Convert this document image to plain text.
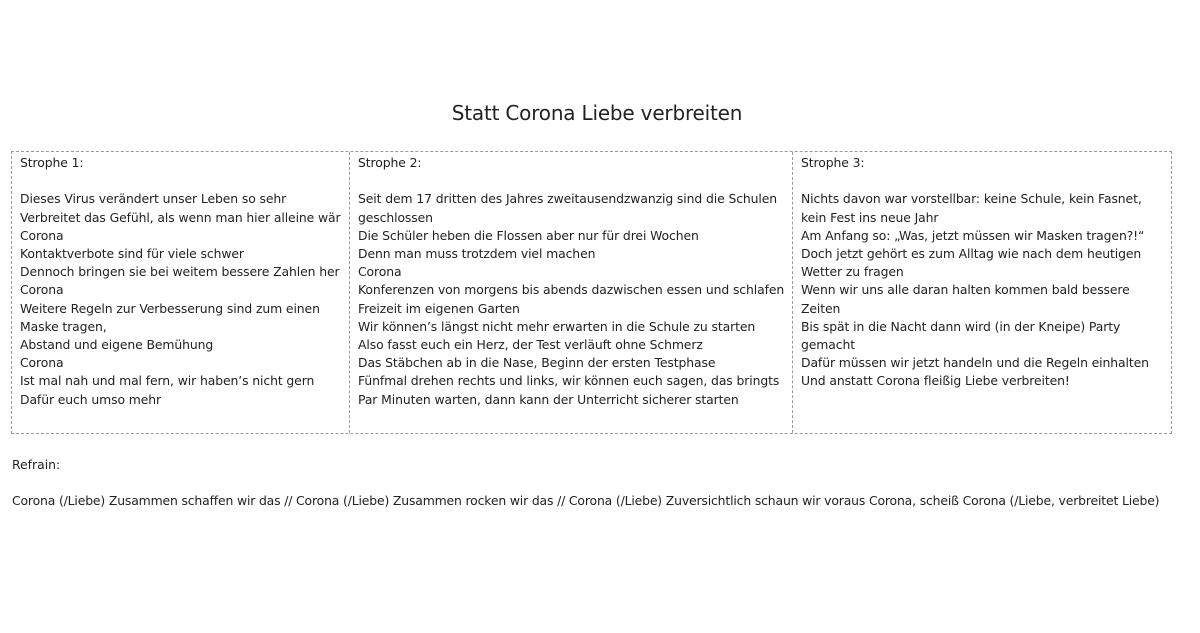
Statt Corona Liebe verbreiten
Strophe 1:
Dieses Virus verändert unser Leben so sehr
Verbreitet das Gefühl, als wenn man hier alleine wär Corona
Kontaktverbote sind für viele schwer
Dennoch bringen sie bei weitem bessere Zahlen her Corona
Weitere Regeln zur Verbesserung sind zum einen Maske tragen,
Abstand und eigene Bemühung
Corona
Ist mal nah und mal fern, wir haben’s nicht gern
Dafür euch umso mehr
Strophe 2:
Seit dem 17 dritten des Jahres zweitausendzwanzig sind die Schulen geschlossen
Die Schüler heben die Flossen aber nur für drei Wochen
Denn man muss trotzdem viel machen
Corona
Konferenzen von morgens bis abends dazwischen essen und schlafen
Freizeit im eigenen Garten
Wir können’s längst nicht mehr erwarten in die Schule zu starten
Also fasst euch ein Herz, der Test verläuft ohne Schmerz
Das Stäbchen ab in die Nase, Beginn der ersten Testphase
Fünfmal drehen rechts und links, wir können euch sagen, das bringts
Par Minuten warten, dann kann der Unterricht sicherer starten
Strophe 3:
Nichts davon war vorstellbar: keine Schule, kein Fasnet, kein Fest ins neue Jahr
Am Anfang so: „Was, jetzt müssen wir Masken tragen?!“
Doch jetzt gehört es zum Alltag wie nach dem heutigen Wetter zu fragen
Wenn wir uns alle daran halten kommen bald bessere Zeiten
Bis spät in die Nacht dann wird (in der Kneipe) Party gemacht
Dafür müssen wir jetzt handeln und die Regeln einhalten
Und anstatt Corona fleißig Liebe verbreiten!
Refrain:
Corona (/Liebe) Zusammen schaffen wir das // Corona (/Liebe) Zusammen rocken wir das // Corona (/Liebe) Zuversichtlich schaun wir voraus Corona, scheiß Corona (/Liebe, verbreitet Liebe)
